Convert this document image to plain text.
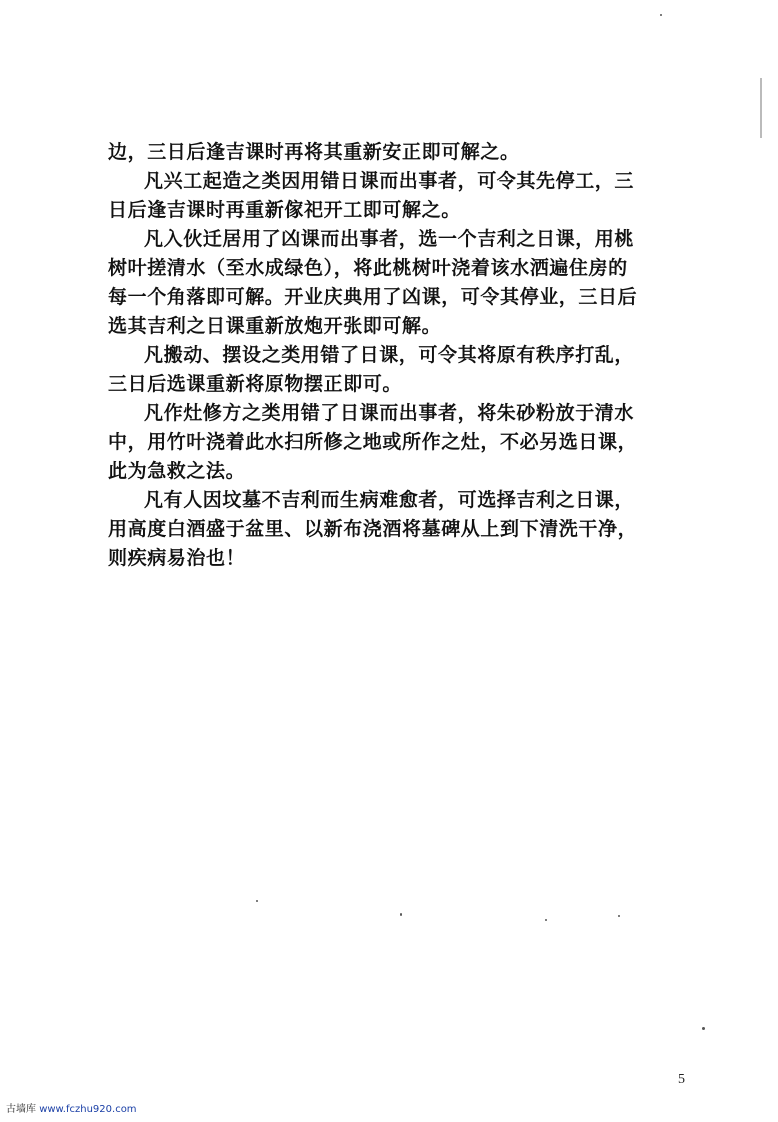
边，三日后逢吉课时再将其重新安正即可解之。
凡兴工起造之类因用错日课而出事者，可令其先停工，三
日后逢吉课时再重新傢祀开工即可解之。
凡入伙迁居用了凶课而出事者，选一个吉利之日课，用桃
树叶搓清水（至水成绿色），将此桃树叶浇着该水洒遍住房的
每一个角落即可解。开业庆典用了凶课，可令其停业，三日后
选其吉利之日课重新放炮开张即可解。
凡搬动、摆设之类用错了日课，可令其将原有秩序打乱，
三日后选课重新将原物摆正即可。
凡作灶修方之类用错了日课而出事者，将朱砂粉放于清水
中，用竹叶浇着此水扫所修之地或所作之灶，不必另选日课，
此为急救之法。
凡有人因坟墓不吉利而生病难愈者，可选择吉利之日课，
用高度白酒盛于盆里、以新布浇酒将墓碑从上到下清洗干净，
则疾病易治也！
5
古墙库 www.fczhu920.com
